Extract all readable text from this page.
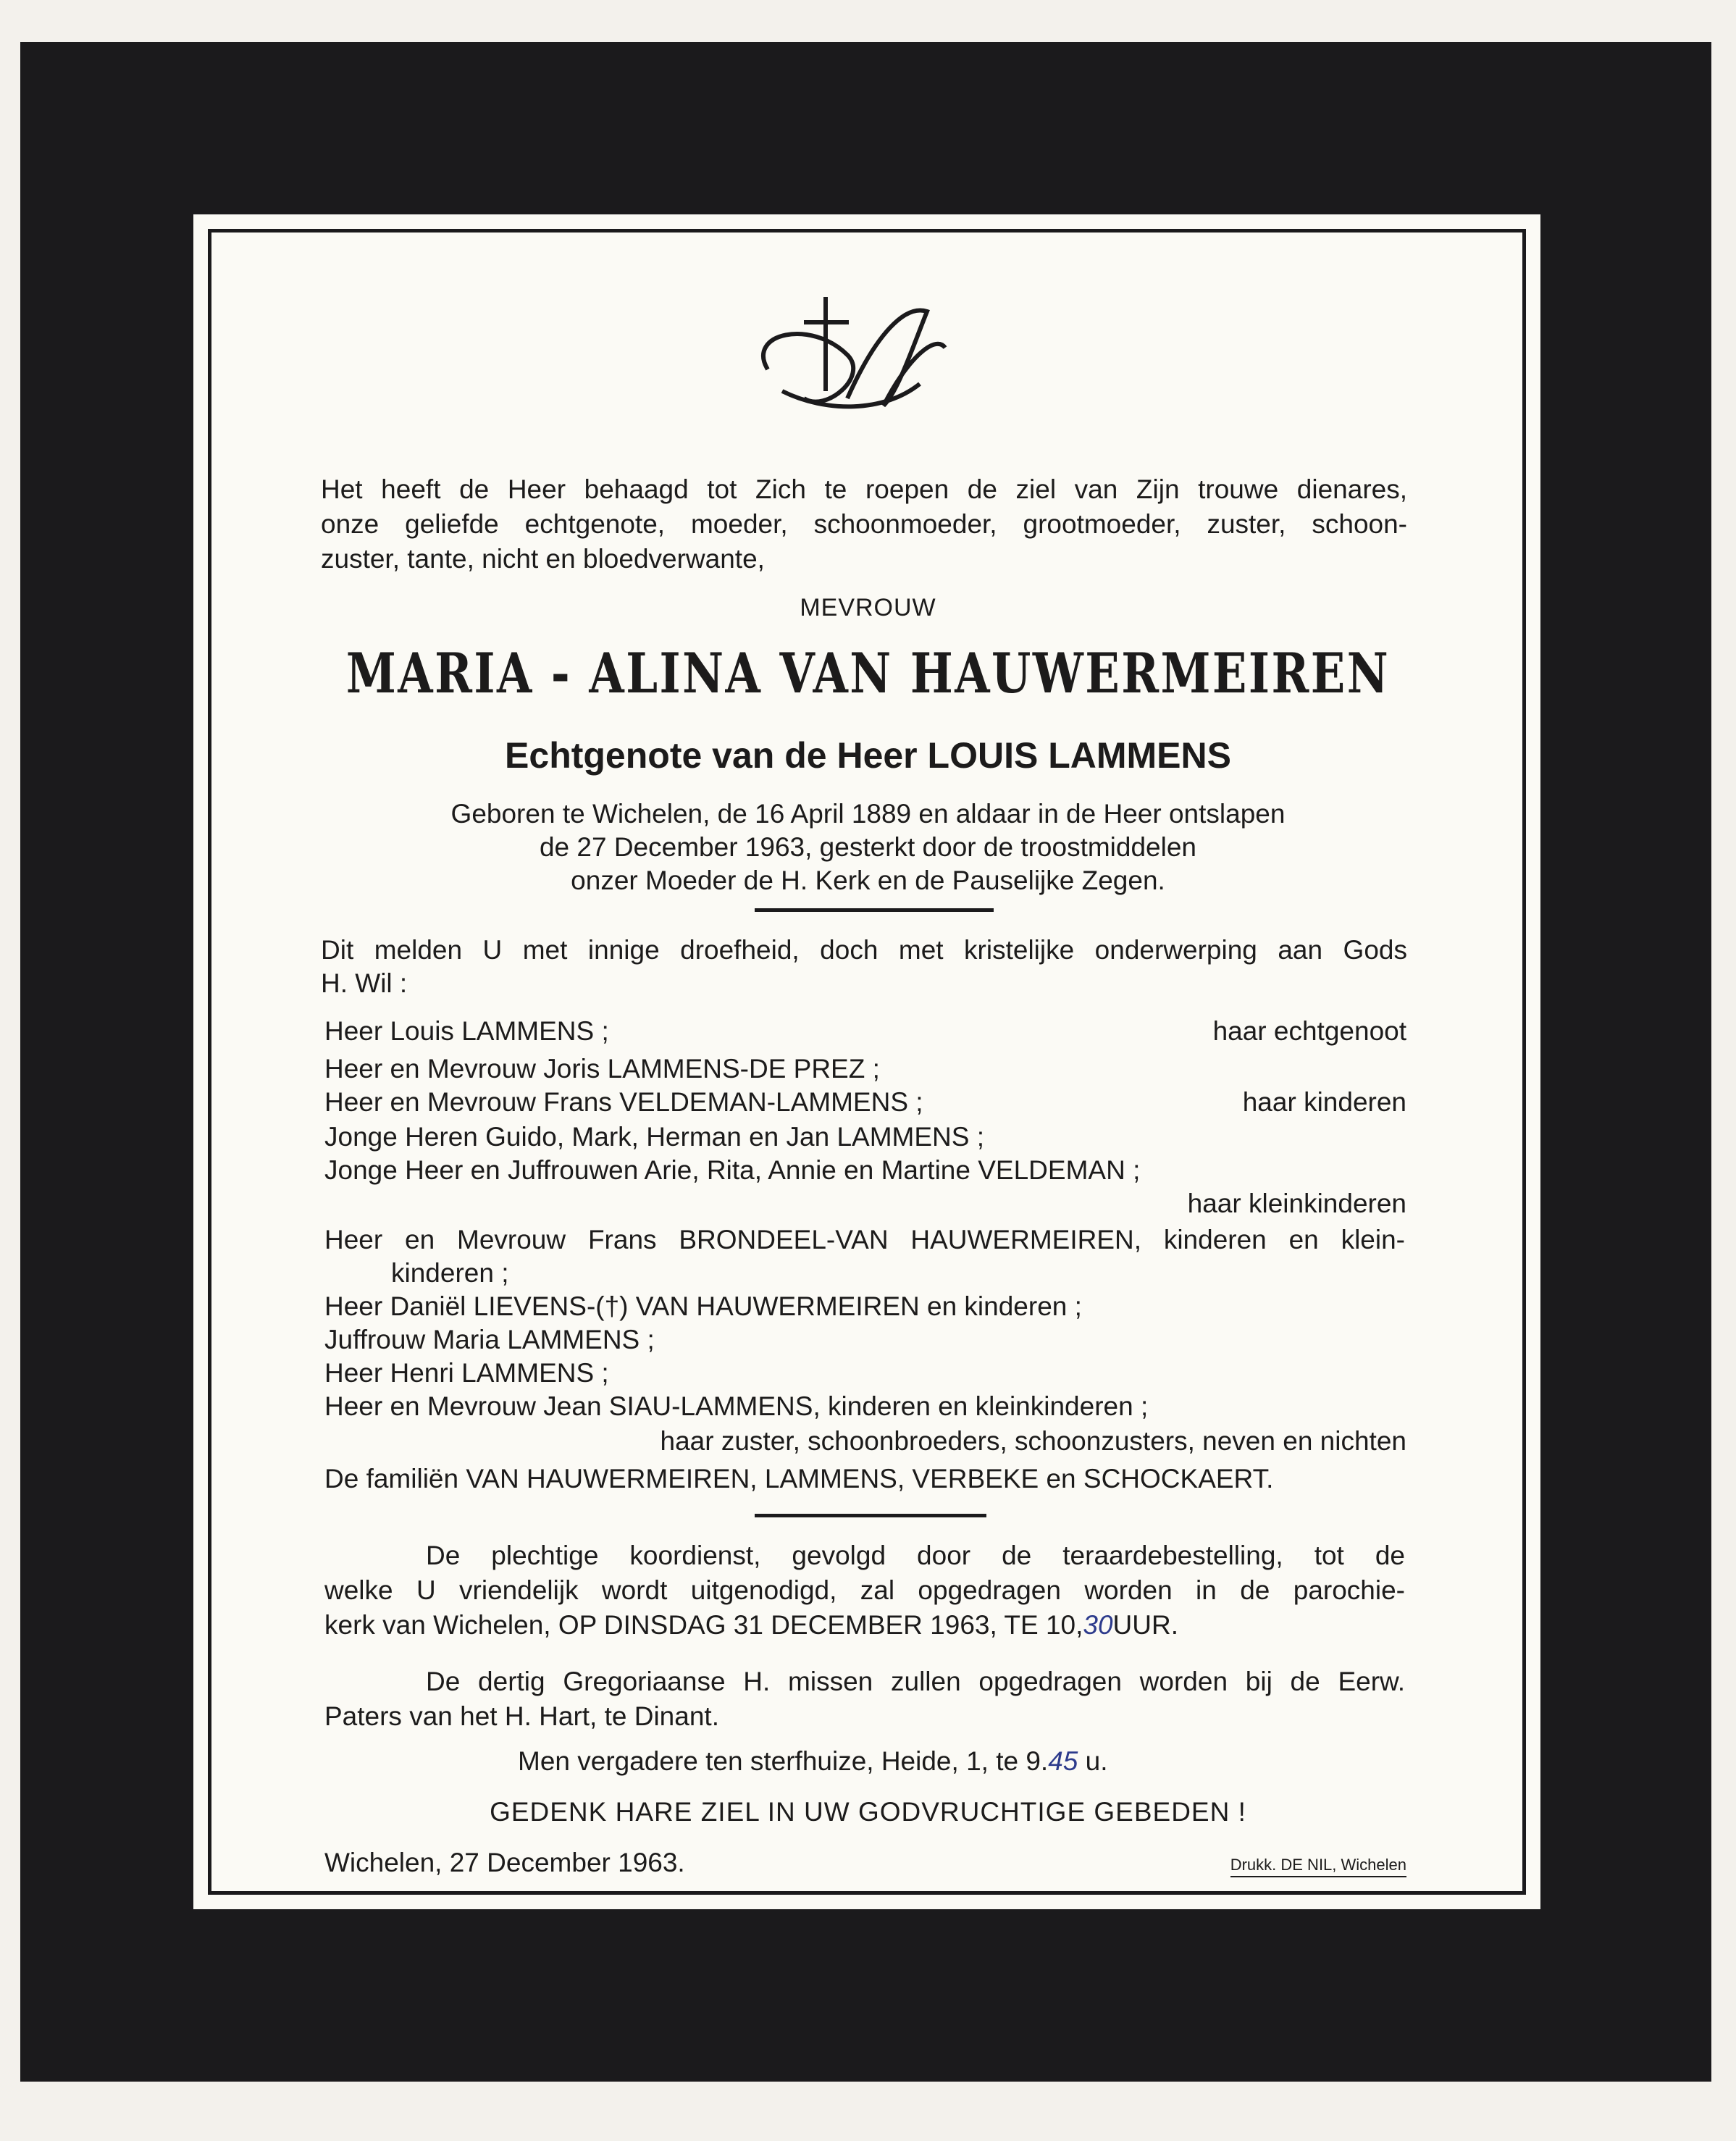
Het heeft de Heer behaagd tot Zich te roepen de ziel van Zijn trouwe dienares,
onze geliefde echtgenote, moeder, schoonmoeder, grootmoeder, zuster, schoon-
zuster, tante, nicht en bloedverwante,
MEVROUW
MARIA - ALINA VAN HAUWERMEIREN
Echtgenote van de Heer LOUIS LAMMENS
Geboren te Wichelen, de 16 April 1889 en aldaar in de Heer ontslapen
de 27 December 1963, gesterkt door de troostmiddelen
onzer Moeder de H. Kerk en de Pauselijke Zegen.
Dit melden U met innige droefheid, doch met kristelijke onderwerping aan Gods
H. Wil :
Heer Louis LAMMENS ;	haar echtgenoot
Heer en Mevrouw Joris LAMMENS-DE PREZ ;
Heer en Mevrouw Frans VELDEMAN-LAMMENS ;	haar kinderen
Jonge Heren Guido, Mark, Herman en Jan LAMMENS ;
Jonge Heer en Juffrouwen Arie, Rita, Annie en Martine VELDEMAN ;
haar kleinkinderen
Heer en Mevrouw Frans BRONDEEL-VAN HAUWERMEIREN, kinderen en klein-
kinderen ;
Heer Daniël LIEVENS-(†) VAN HAUWERMEIREN en kinderen ;
Juffrouw Maria LAMMENS ;
Heer Henri LAMMENS ;
Heer en Mevrouw Jean SIAU-LAMMENS, kinderen en kleinkinderen ;
haar zuster, schoonbroeders, schoonzusters, neven en nichten
De familiën VAN HAUWERMEIREN, LAMMENS, VERBEKE en SCHOCKAERT.
De plechtige koordienst, gevolgd door de teraardebestelling, tot de
welke U vriendelijk wordt uitgenodigd, zal opgedragen worden in de parochie-
kerk van Wichelen, OP DINSDAG 31 DECEMBER 1963, TE 10,30UUR.
De dertig Gregoriaanse H. missen zullen opgedragen worden bij de Eerw.
Paters van het H. Hart, te Dinant.
Men vergadere ten sterfhuize, Heide, 1, te 9.45 u.
GEDENK HARE ZIEL IN UW GODVRUCHTIGE GEBEDEN !
Wichelen, 27 December 1963.	Drukk. DE NIL, Wichelen
